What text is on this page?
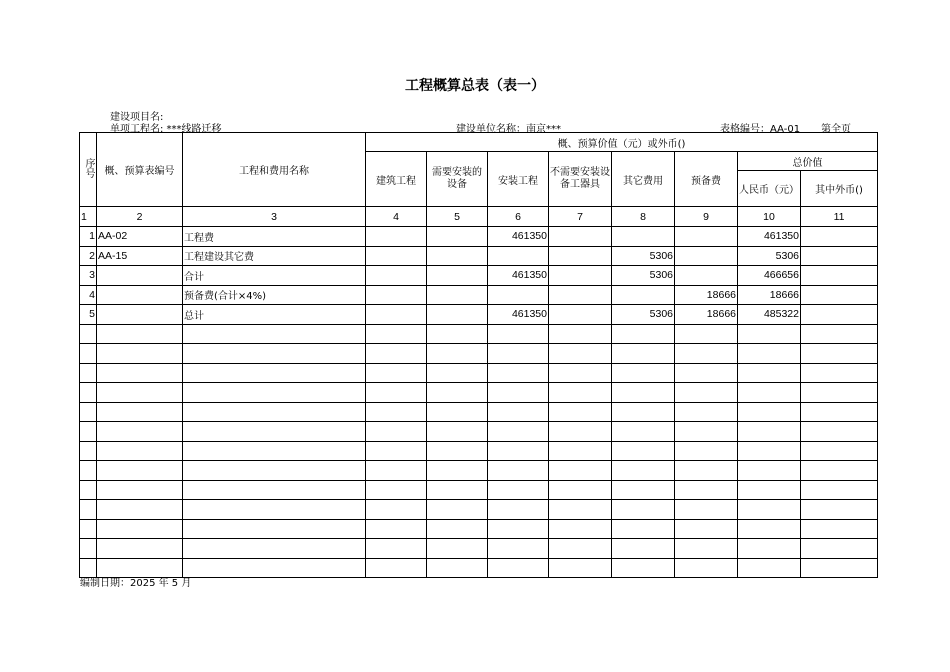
工程概算总表（表一）
建设项目名:
单项工程名: ***线路迁移	建设单位名称：南京***	表格编号：AA-01 第全页
序号	概、预算表编号	工程和费用名称	概、预算价值（元）或外币()							
			建筑工程	需要安装的设备	安装工程	不需要安装设备工器具	其它费用	预备费	总价值	
									人民币（元）	其中外币()
1	2	3	4	5	6	7	8	9	10	11
1	AA-02	工程费			461350				461350	
2	AA-15	工程建设其它费					5306		5306	
3		合计			461350		5306		466656	
4		预备费(合计×4%)						18666	18666	
5		总计			461350		5306	18666	485322	

编制日期：2025 年 5 月
